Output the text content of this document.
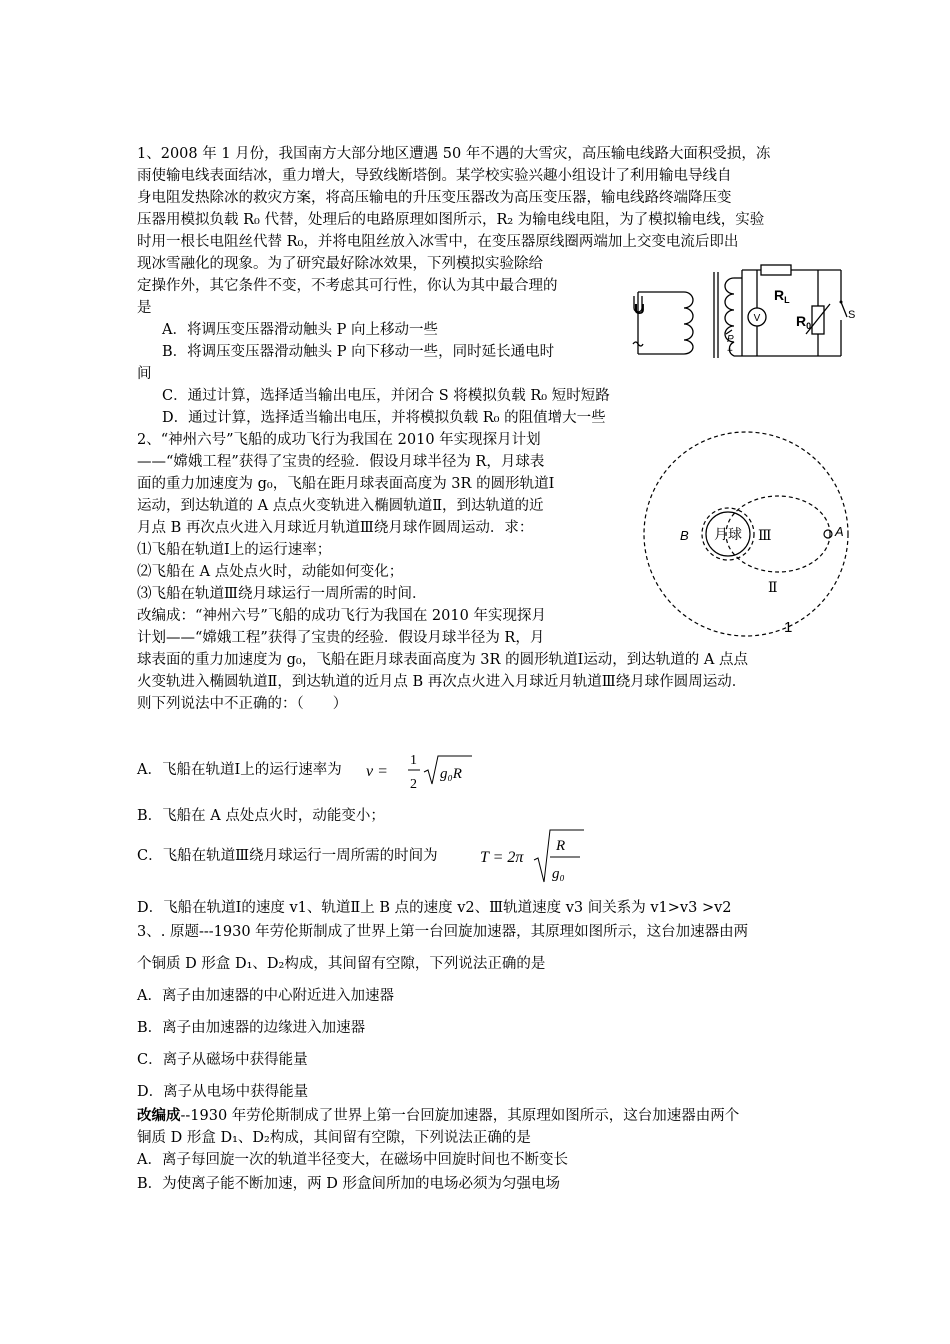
1、2008 年 1 月份，我国南方大部分地区遭遇 50 年不遇的大雪灾，高压输电线路大面积受损，冻
雨使输电线表面结冰，重力增大，导致线断塔倒。某学校实验兴趣小组设计了利用输电导线自
身电阻发热除冰的救灾方案，将高压输电的升压变压器改为高压变压器，输电线路终端降压变
压器用模拟负载 R₀ 代替，处理后的电路原理如图所示，R₂ 为输电线电阻，为了模拟输电线，实验
时用一根长电阻丝代替 R₀，并将电阻丝放入冰雪中，在变压器原线圈两端加上交变电流后即出
现冰雪融化的现象。为了研究最好除冰效果，下列模拟实验除给
定操作外，其它条件不变，不考虑其可行性，你认为其中最合理的
是
A．将调压变压器滑动触头 P 向上移动一些
B．将调压变压器滑动触头 P 向下移动一些，同时延长通电时
间
C．通过计算，选择适当输出电压，并闭合 S 将模拟负载 R₀ 短时短路
D．通过计算，选择适当输出电压，并将模拟负载 R₀ 的阻值增大一些
V
U
P
+
$R_L$
$R_0$
S
2、“神州六号”飞船的成功飞行为我国在 2010 年实现探月计划
——“嫦娥工程”获得了宝贵的经验．假设月球半径为 R，月球表
面的重力加速度为 g₀，飞船在距月球表面高度为 3R 的圆形轨道Ⅰ
运动，到达轨道的 A 点点火变轨进入椭圆轨道Ⅱ，到达轨道的近
月点 B 再次点火进入月球近月轨道Ⅲ绕月球作圆周运动．求：
⑴飞船在轨道Ⅰ上的运行速率；
⑵飞船在 A 点处点火时，动能如何变化；
⑶飞船在轨道Ⅲ绕月球运行一周所需的时间．
改编成：“神州六号”飞船的成功飞行为我国在 2010 年实现探月
计划——“嫦娥工程”获得了宝贵的经验．假设月球半径为 R，月
球表面的重力加速度为 g₀，飞船在距月球表面高度为 3R 的圆形轨道Ⅰ运动，到达轨道的 A 点点
火变轨进入椭圆轨道Ⅱ，到达轨道的近月点 B 再次点火进入月球近月轨道Ⅲ绕月球作圆周运动．
则下列说法中不正确的：（　　）
月球
B	A
Ⅲ
Ⅱ
1
A．飞船在轨道Ⅰ上的运行速率为 v =
1
2
g₀R
B．飞船在 A 点处点火时，动能变小；
C．飞船在轨道Ⅲ绕月球运行一周所需的时间为	T = 2π
R
g₀
D．飞船在轨道Ⅰ的速度 v1、轨道Ⅱ上 B 点的速度 v2、Ⅲ轨道速度 v3 间关系为 v1>v3 >v2
3、. 原题---1930 年劳伦斯制成了世界上第一台回旋加速器，其原理如图所示，这台加速器由两
个铜质 D 形盒 D₁、D₂构成，其间留有空隙，下列说法正确的是
A．离子由加速器的中心附近进入加速器
B．离子由加速器的边缘进入加速器
C．离子从磁场中获得能量
D．离子从电场中获得能量
改编成--1930 年劳伦斯制成了世界上第一台回旋加速器，其原理如图所示，这台加速器由两个
铜质 D 形盒 D₁、D₂构成，其间留有空隙，下列说法正确的是
A．离子每回旋一次的轨道半径变大，在磁场中回旋时间也不断变长
B．为使离子能不断加速，两 D 形盒间所加的电场必须为匀强电场
